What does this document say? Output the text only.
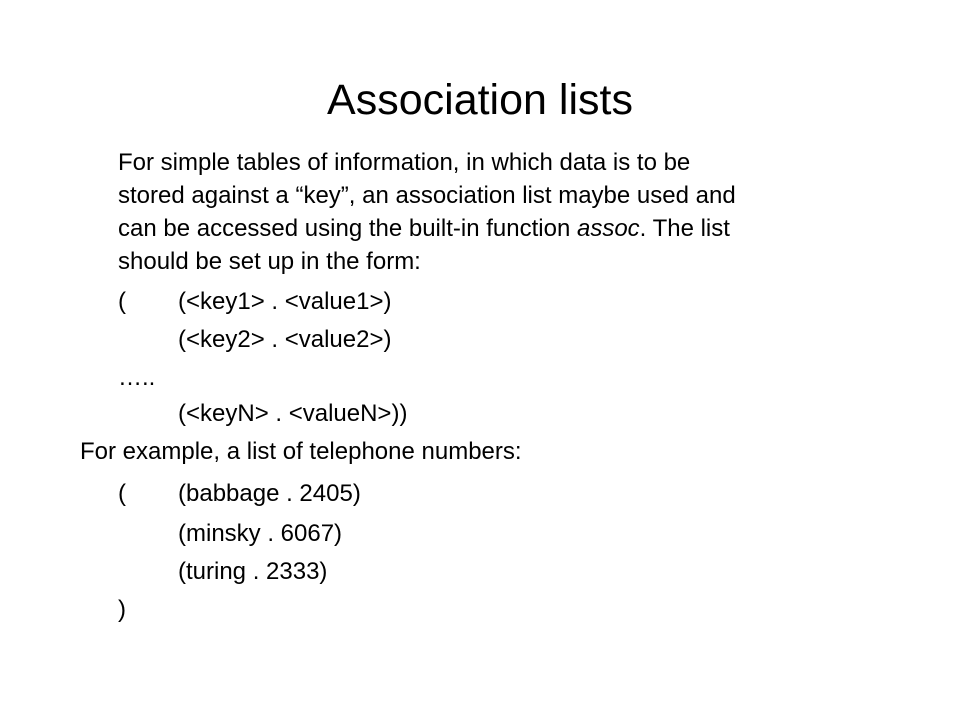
Association lists
For simple tables of information, in which data is to be
stored against a “key”, an association list maybe used and
can be accessed using the built-in function assoc. The list
should be set up in the form:
( (<key1> . <value1>)
(<key2> . <value2>)
…..
(<keyN> . <valueN>))
For example, a list of telephone numbers:
( (babbage . 2405)
(minsky . 6067)
(turing . 2333)
)
